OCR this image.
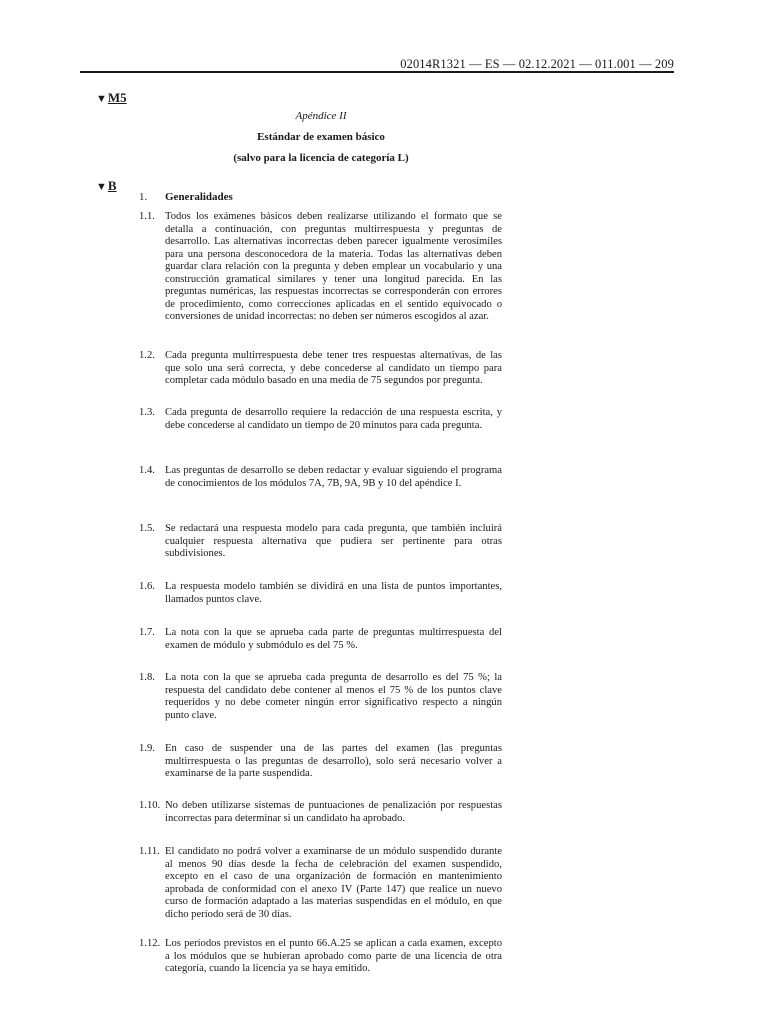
02014R1321 — ES — 02.12.2021 — 011.001 — 209
▼M5
Apéndice II
Estándar de examen básico
(salvo para la licencia de categoría L)
▼B
1. Generalidades
1.1. Todos los exámenes básicos deben realizarse utilizando el formato que se detalla a continuación, con preguntas multirrespuesta y preguntas de desarrollo. Las alternativas incorrectas deben parecer igualmente verosímiles para una persona desconocedora de la materia. Todas las alternativas deben guardar clara relación con la pregunta y deben emplear un vocabulario y una construcción gramatical similares y tener una longitud parecida. En las preguntas numéricas, las respuestas incorrectas se corresponderán con errores de procedimiento, como correcciones aplicadas en el sentido equivocado o conversiones de unidad incorrectas: no deben ser números escogidos al azar.
1.2. Cada pregunta multirrespuesta debe tener tres respuestas alternativas, de las que solo una será correcta, y debe concederse al candidato un tiempo para completar cada módulo basado en una media de 75 segundos por pregunta.
1.3. Cada pregunta de desarrollo requiere la redacción de una respuesta escrita, y debe concederse al candidato un tiempo de 20 minutos para cada pregunta.
1.4. Las preguntas de desarrollo se deben redactar y evaluar siguiendo el programa de conocimientos de los módulos 7A, 7B, 9A, 9B y 10 del apéndice I.
1.5. Se redactará una respuesta modelo para cada pregunta, que también incluirá cualquier respuesta alternativa que pudiera ser pertinente para otras subdivisiones.
1.6. La respuesta modelo también se dividirá en una lista de puntos importantes, llamados puntos clave.
1.7. La nota con la que se aprueba cada parte de preguntas multirrespuesta del examen de módulo y submódulo es del 75 %.
1.8. La nota con la que se aprueba cada pregunta de desarrollo es del 75 %; la respuesta del candidato debe contener al menos el 75 % de los puntos clave requeridos y no debe cometer ningún error significativo respecto a ningún punto clave.
1.9. En caso de suspender una de las partes del examen (las preguntas multirrespuesta o las preguntas de desarrollo), solo será necesario volver a examinarse de la parte suspendida.
1.10. No deben utilizarse sistemas de puntuaciones de penalización por respuestas incorrectas para determinar si un candidato ha aprobado.
1.11. El candidato no podrá volver a examinarse de un módulo suspendido durante al menos 90 días desde la fecha de celebración del examen suspendido, excepto en el caso de una organización de formación en mantenimiento aprobada de conformidad con el anexo IV (Parte 147) que realice un nuevo curso de formación adaptado a las materias suspendidas en el módulo, en que dicho período será de 30 días.
1.12. Los períodos previstos en el punto 66.A.25 se aplican a cada examen, excepto a los módulos que se hubieran aprobado como parte de una licencia de otra categoría, cuando la licencia ya se haya emitido.
